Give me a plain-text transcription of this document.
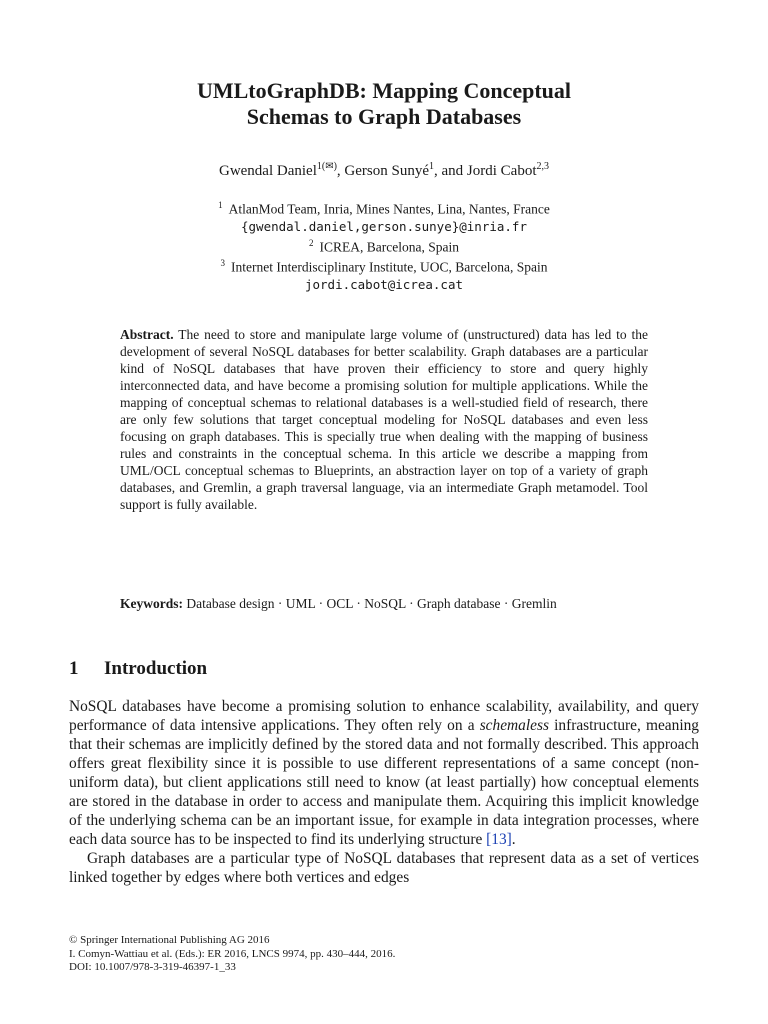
UMLtoGraphDB: Mapping Conceptual
Schemas to Graph Databases
Gwendal Daniel$^{1(✉)}$, Gerson Sunyé$^1$, and Jordi Cabot$^{2,3}$
$^1$ AtlanMod Team, Inria, Mines Nantes, Lina, Nantes, France
{gwendal.daniel,gerson.sunye}@inria.fr
$^2$ ICREA, Barcelona, Spain
$^3$ Internet Interdisciplinary Institute, UOC, Barcelona, Spain
jordi.cabot@icrea.cat
Abstract. The need to store and manipulate large volume of (unstructured) data has led to the development of several NoSQL databases for better scalability. Graph databases are a particular kind of NoSQL databases that have proven their efficiency to store and query highly interconnected data, and have become a promising solution for multiple applications. While the mapping of conceptual schemas to relational databases is a well-studied field of research, there are only few solutions that target conceptual modeling for NoSQL databases and even less focusing on graph databases. This is specially true when dealing with the mapping of business rules and constraints in the conceptual schema. In this article we describe a mapping from UML/OCL conceptual schemas to Blueprints, an abstraction layer on top of a variety of graph databases, and Gremlin, a graph traversal language, via an intermediate Graph metamodel. Tool support is fully available.
Keywords: Database design · UML · OCL · NoSQL · Graph database · Gremlin
1 Introduction

NoSQL databases have become a promising solution to enhance scalability, availability, and query performance of data intensive applications. They often rely on a schemaless infrastructure, meaning that their schemas are implicitly defined by the stored data and not formally described. This approach offers great flexibility since it is possible to use different representations of a same concept (non-uniform data), but client applications still need to know (at least partially) how conceptual elements are stored in the database in order to access and manipulate them. Acquiring this implicit knowledge of the underlying schema can be an important issue, for example in data integration processes, where each data source has to be inspected to find its underlying structure [13].

Graph databases are a particular type of NoSQL databases that represent data as a set of vertices linked together by edges where both vertices and edges

© Springer International Publishing AG 2016
I. Comyn-Wattiau et al. (Eds.): ER 2016, LNCS 9974, pp. 430–444, 2016.
DOI: 10.1007/978-3-319-46397-1_33
